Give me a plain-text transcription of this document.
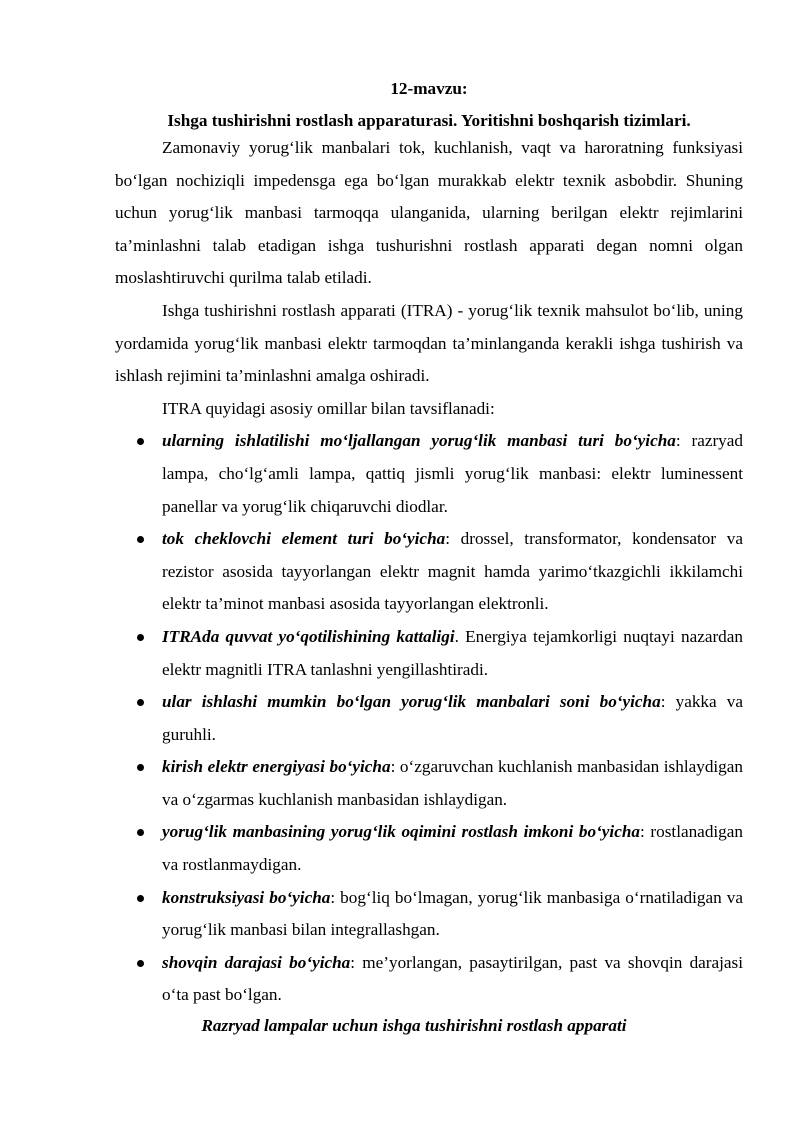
12-mavzu:
Ishga tushirishni rostlash apparaturasi. Yoritishni boshqarish tizimlari.

Zamonaviy yorug‘lik manbalari tok, kuchlanish, vaqt va haroratning funksiyasi bo‘lgan nochiziqli impedensga ega bo‘lgan murakkab elektr texnik asbobdir. Shuning uchun yorug‘lik manbasi tarmoqqa ulanganida, ularning berilgan elektr rejimlarini ta’minlashni talab etadigan ishga tushurishni rostlash apparati degan nomni olgan moslashtiruvchi qurilma talab etiladi.

Ishga tushirishni rostlash apparati (ITRA) - yorug‘lik texnik mahsulot bo‘lib, uning yordamida yorug‘lik manbasi elektr tarmoqdan ta’minlanganda kerakli ishga tushirish va ishlash rejimini ta’minlashni amalga oshiradi.

ITRA quyidagi asosiy omillar bilan tavsiflanadi:

ularning ishlatilishi mo‘ljallangan yorug‘lik manbasi turi bo‘yicha: razryad lampa, cho‘lg‘amli lampa, qattiq jismli yorug‘lik manbasi: elektr luminessent panellar va yorug‘lik chiqaruvchi diodlar.
tok cheklovchi element turi bo‘yicha: drossel, transformator, kondensator va rezistor asosida tayyorlangan elektr magnit hamda yarimo‘tkazgichli ikkilamchi elektr ta’minot manbasi asosida tayyorlangan elektronli.
ITRAda quvvat yo‘qotilishining kattaligi. Energiya tejamkorligi nuqtayi nazardan elektr magnitli ITRA tanlashni yengillashtiradi.
ular ishlashi mumkin bo‘lgan yorug‘lik manbalari soni bo‘yicha: yakka va guruhli.
kirish elektr energiyasi bo‘yicha: o‘zgaruvchan kuchlanish manbasidan ishlaydigan va o‘zgarmas kuchlanish manbasidan ishlaydigan.
yorug‘lik manbasining yorug‘lik oqimini rostlash imkoni bo‘yicha: rostlanadigan va rostlanmaydigan.
konstruksiyasi bo‘yicha: bog‘liq bo‘lmagan, yorug‘lik manbasiga o‘rnatiladigan va yorug‘lik manbasi bilan integrallashgan.
shovqin darajasi bo‘yicha: me’yorlangan, pasaytirilgan, past va shovqin darajasi o‘ta past bo‘lgan.
Razryad lampalar uchun ishga tushirishni rostlash apparati
